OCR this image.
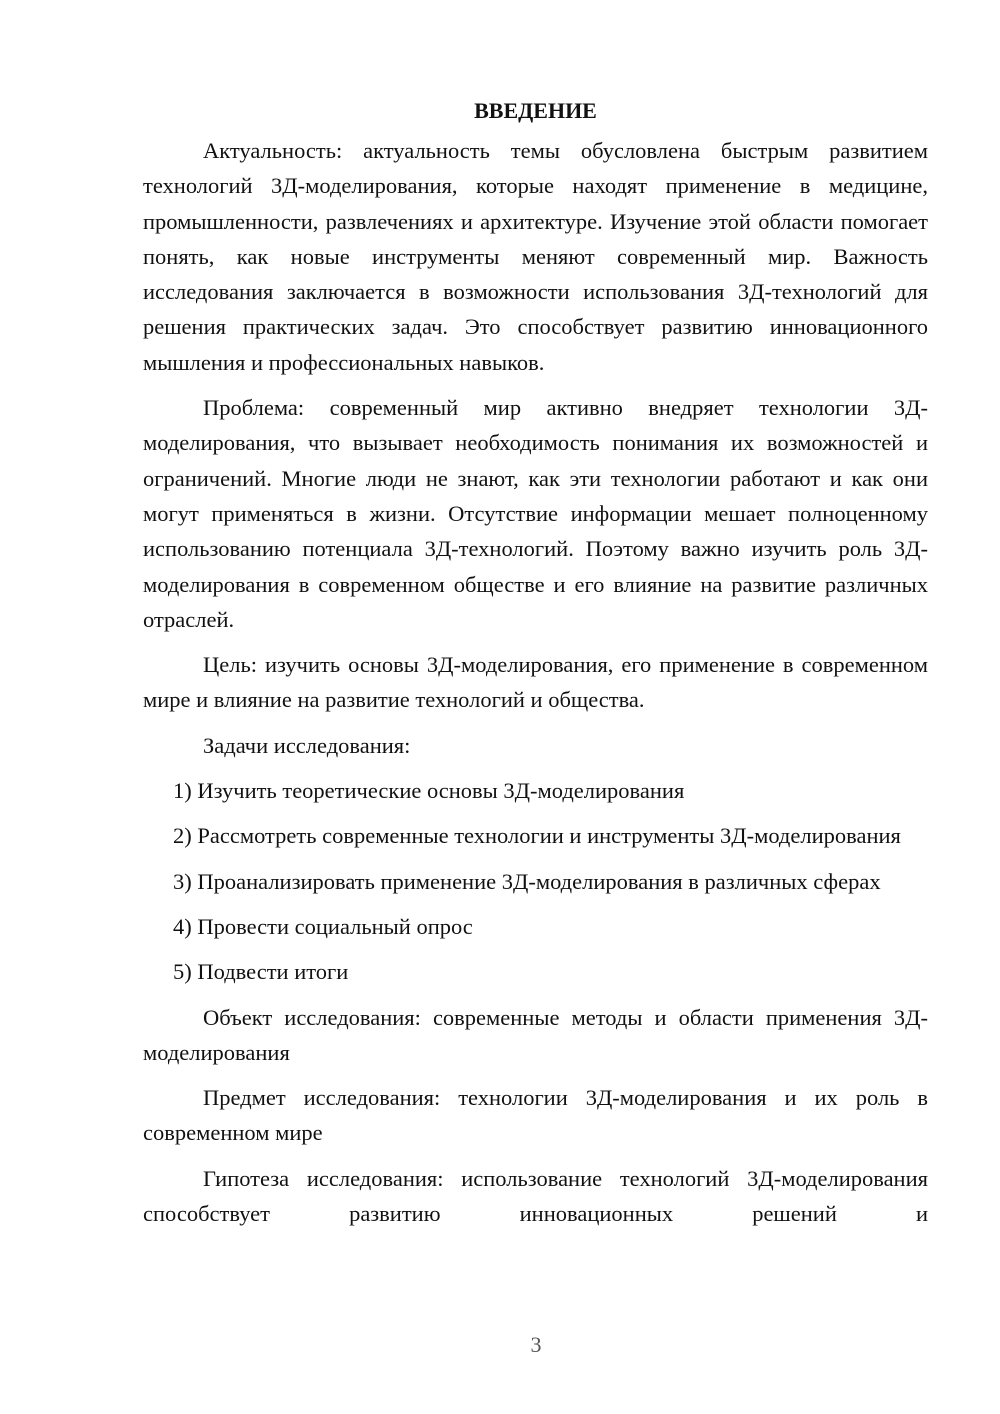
ВВЕДЕНИЕ

Актуальность: актуальность темы обусловлена быстрым развитием технологий 3Д-моделирования, которые находят применение в медицине, промышленности, развлечениях и архитектуре. Изучение этой области помогает понять, как новые инструменты меняют современный мир. Важность исследования заключается в возможности использования 3Д-технологий для решения практических задач. Это способствует развитию инновационного мышления и профессиональных навыков.

Проблема: современный мир активно внедряет технологии 3Д-моделирования, что вызывает необходимость понимания их возможностей и ограничений. Многие люди не знают, как эти технологии работают и как они могут применяться в жизни. Отсутствие информации мешает полноценному использованию потенциала 3Д-технологий. Поэтому важно изучить роль 3Д-моделирования в современном обществе и его влияние на развитие различных отраслей.

Цель: изучить основы 3Д-моделирования, его применение в современном мире и влияние на развитие технологий и общества.

Задачи исследования:

1) Изучить теоретические основы 3Д-моделирования

2) Рассмотреть современные технологии и инструменты 3Д-моделирования

3) Проанализировать применение 3Д-моделирования в различных сферах

4) Провести социальный опрос

5) Подвести итоги

Объект исследования: современные методы и области применения 3Д-моделирования

Предмет исследования: технологии 3Д-моделирования и их роль в современном мире

Гипотеза исследования: использование технологий 3Д-моделирования способствует развитию инновационных решений и

3
